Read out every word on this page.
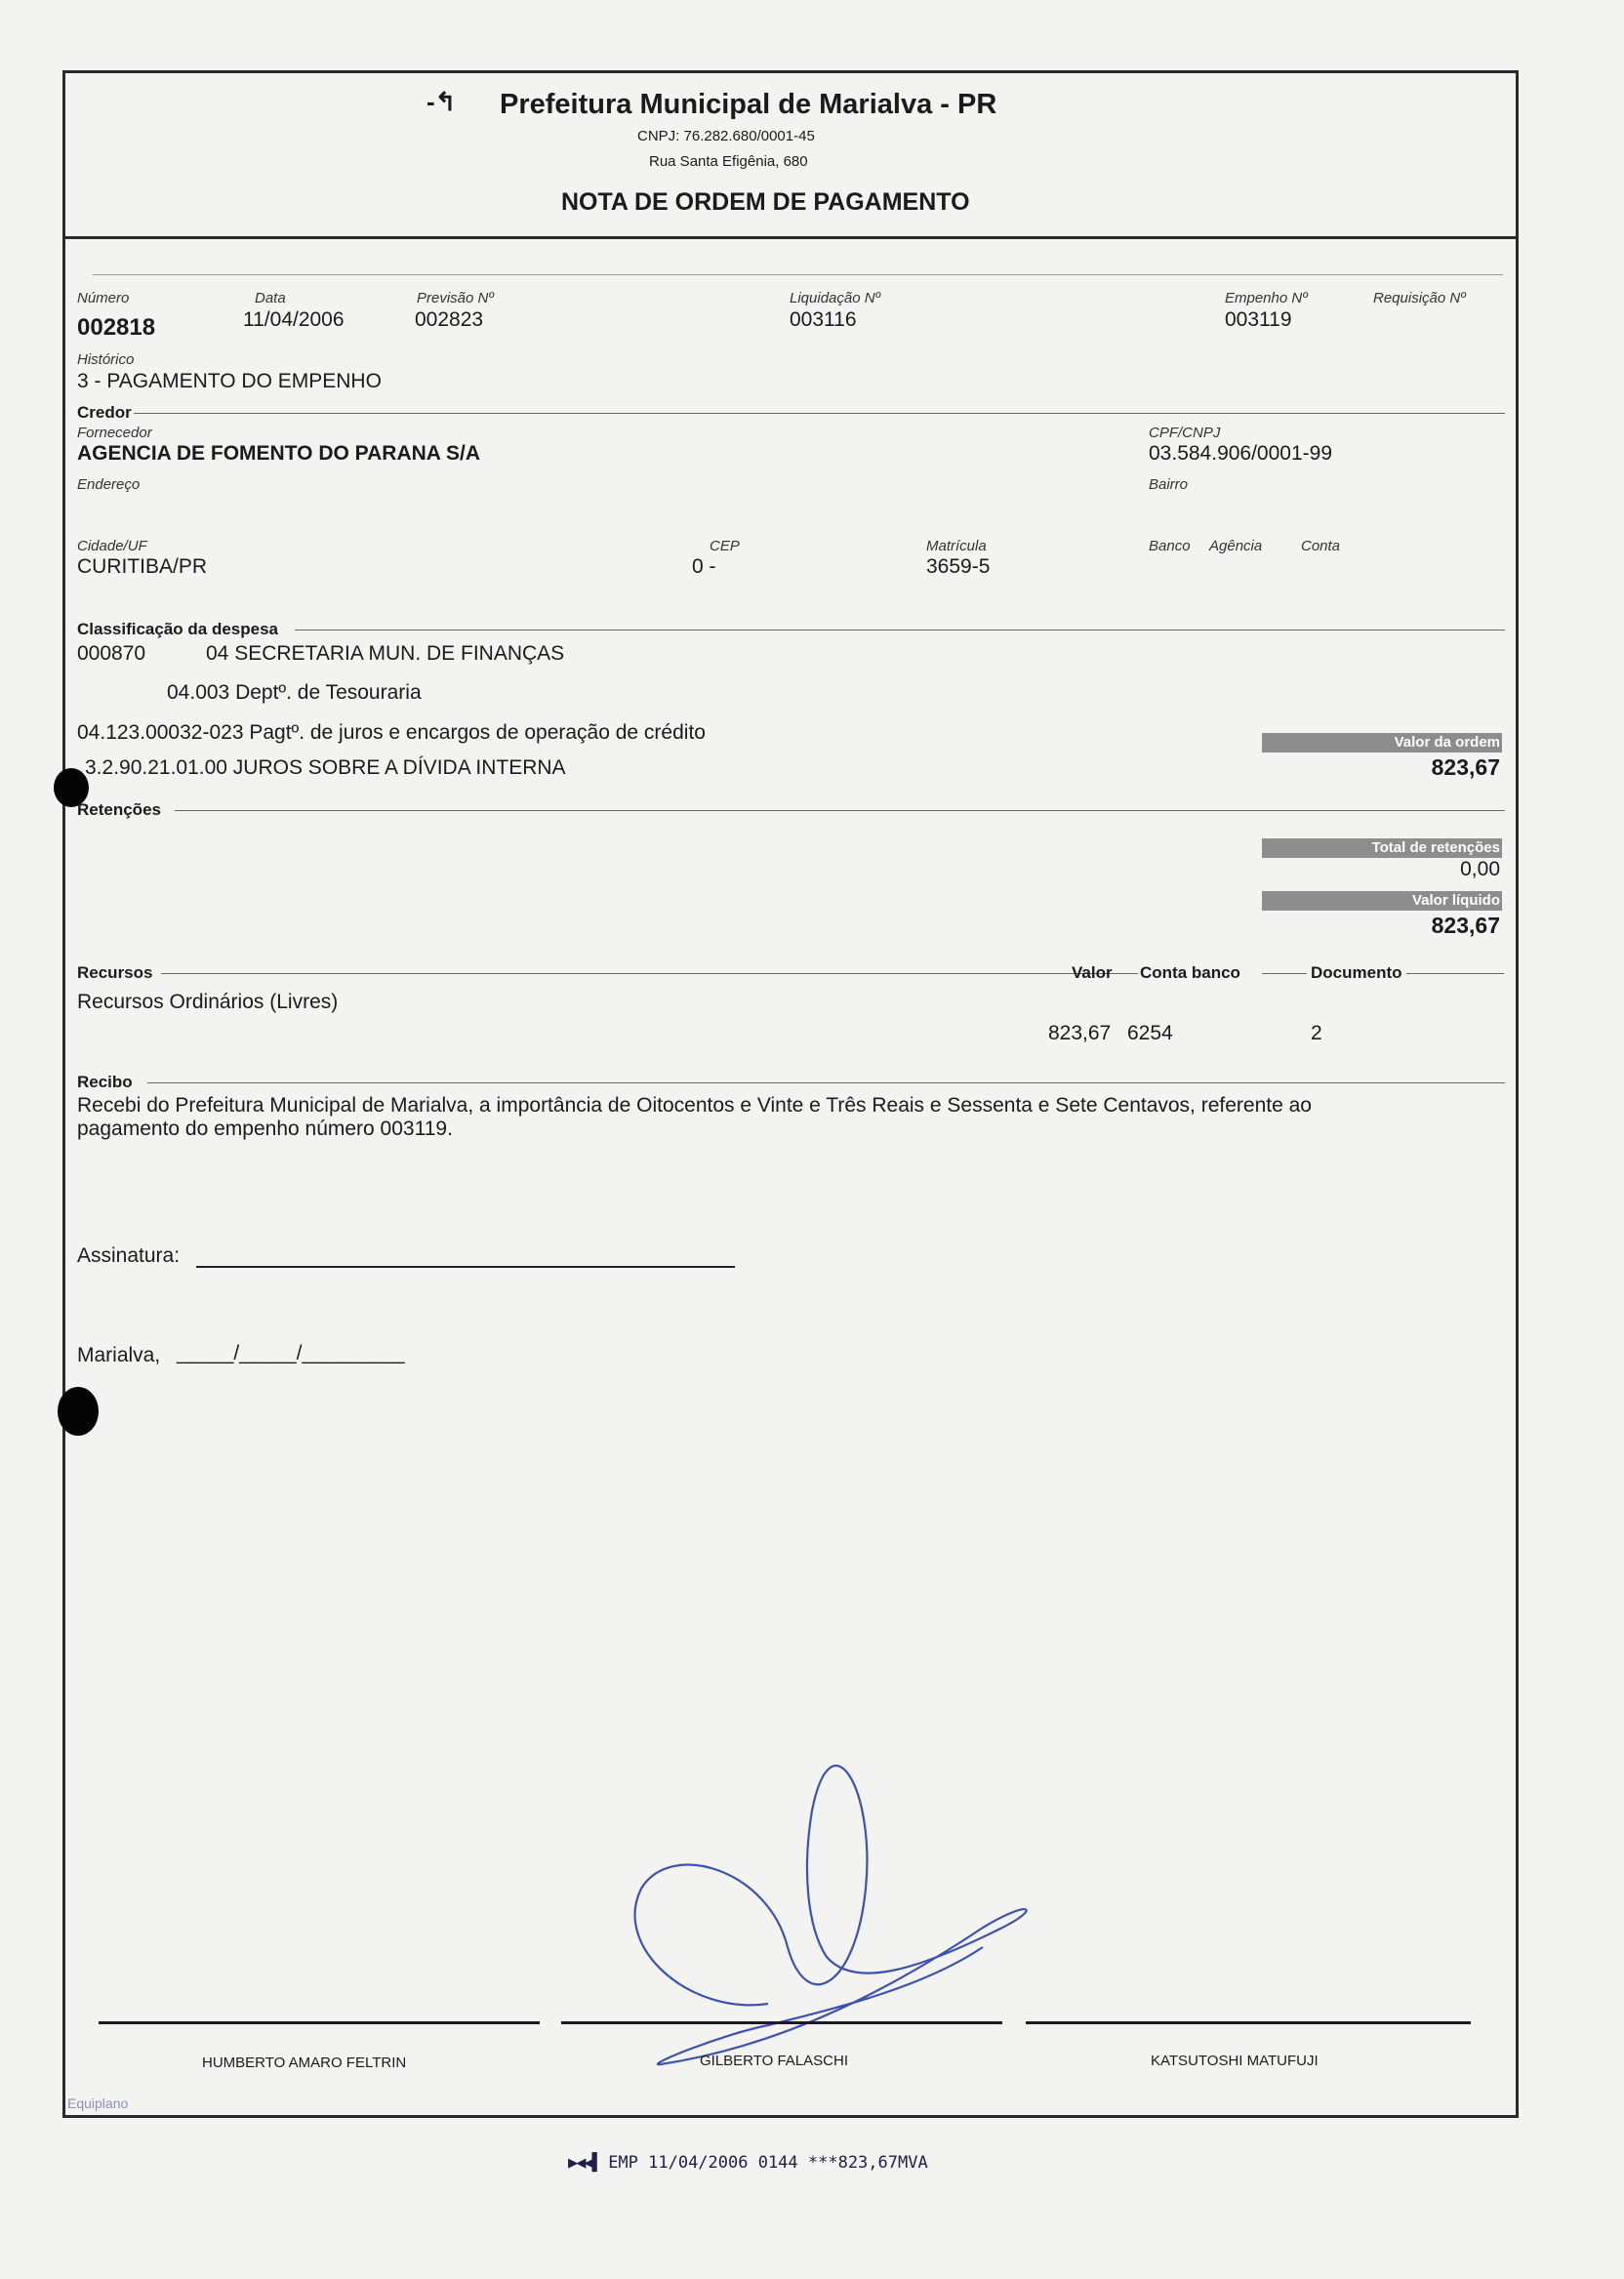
-↰ Prefeitura Municipal de Marialva - PR
CNPJ: 76.282.680/0001-45
Rua Santa Efigênia, 680
NOTA DE ORDEM DE PAGAMENTO
Número
002818
Data
11/04/2006
Previsão Nº
002823
Liquidação Nº
003116
Empenho Nº
003119
Requisição Nº
Histórico
3 - PAGAMENTO DO EMPENHO
Credor
Fornecedor
AGENCIA DE FOMENTO DO PARANA S/A
CPF/CNPJ
03.584.906/0001-99
Endereço	Bairro
Cidade/UF
CURITIBA/PR
CEP
0 -
Matrícula
3659-5
Banco Agência	Conta
Classificação da despesa
000870	04 SECRETARIA MUN. DE FINANÇAS
04.003 Deptº. de Tesouraria
04.123.00032-023 Pagtº. de juros e encargos de operação de crédito
3.2.90.21.01.00 JUROS SOBRE A DÍVIDA INTERNA
Valor da ordem
823,67
Retenções
Total de retenções
0,00
Valor líquido
823,67
Recursos	Valor Conta banco	Documento
Recursos Ordinários (Livres)
823,67 6254	2
Recibo
Recebi do Prefeitura Municipal de Marialva, a importância de Oitocentos e Vinte e Três Reais e Sessenta e Sete Centavos, referente ao
pagamento do empenho número 003119.
Assinatura:
Marialva, _____/_____/_________
HUMBERTO AMARO FELTRIN	GILBERTO FALASCHI	KATSUTOSHI MATUFUJI
Equiplano
▶◀◀▌ EMP 11/04/2006 0144 ***823,67MVA
